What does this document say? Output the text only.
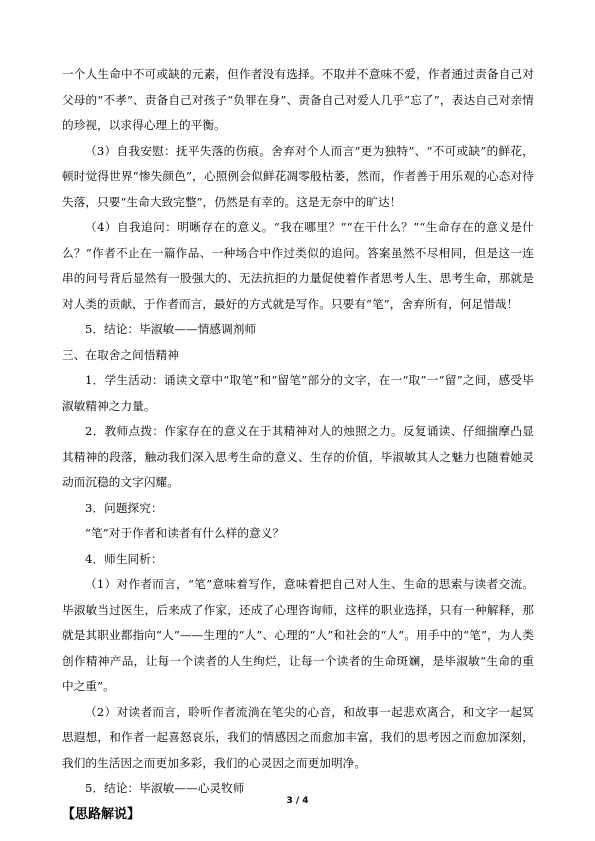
一个人生命中不可或缺的元素，但作者没有选择。不取并不意味不爱，作者通过责备自己对父母的“不孝”、责备自己对孩子“负罪在身”、责备自己对爱人几乎“忘了”，表达自己对亲情的珍视，以求得心理上的平衡。

（3）自我安慰：抚平失落的伤痕。舍弃对个人而言“更为独特”、“不可或缺”的鲜花，顿时觉得世界“惨失颜色”，心照例会似鲜花凋零般枯萎，然而，作者善于用乐观的心态对待失落，只要“生命大致完整”，仍然是有幸的。这是无奈中的旷达！

（4）自我追问：明晰存在的意义。“我在哪里？”“在干什么？”“生命存在的意义是什么？”作者不止在一篇作品、一种场合中作过类似的追问。答案虽然不尽相同，但是这一连串的问号背后显然有一股强大的、无法抗拒的力量促使着作者思考人生、思考生命，那就是对人类的贡献，于作者而言，最好的方式就是写作。只要有“笔”，舍弃所有，何足惜哉！

5．结论：毕淑敏——情感调剂师

三、在取舍之间悟精神

1．学生活动：诵读文章中“取笔”和“留笔”部分的文字，在一“取”一“留”之间，感受毕淑敏精神之力量。

2．教师点拨：作家存在的意义在于其精神对人的烛照之力。反复诵读、仔细揣摩凸显其精神的段落，触动我们深入思考生命的意义、生存的价值，毕淑敏其人之魅力也随着她灵动而沉稳的文字闪耀。

3．问题探究：

“笔”对于作者和读者有什么样的意义？

4．师生同析：

（1）对作者而言，“笔”意味着写作，意味着把自己对人生、生命的思索与读者交流。毕淑敏当过医生，后来成了作家，还成了心理咨询师，这样的职业选择，只有一种解释，那就是其职业都指向“人”——生理的“人”、心理的“人”和社会的“人”。用手中的“笔”，为人类创作精神产品，让每一个读者的人生绚烂，让每一个读者的生命斑斓，是毕淑敏“生命的重中之重”。

（2）对读者而言，聆听作者流淌在笔尖的心音，和故事一起悲欢离合，和文字一起冥思遐想，和作者一起喜怒哀乐，我们的情感因之而愈加丰富，我们的思考因之而愈加深刻，我们的生活因之而更加多彩，我们的心灵因之而更加明净。

5．结论：毕淑敏——心灵牧师

【思路解说】

3 / 4
